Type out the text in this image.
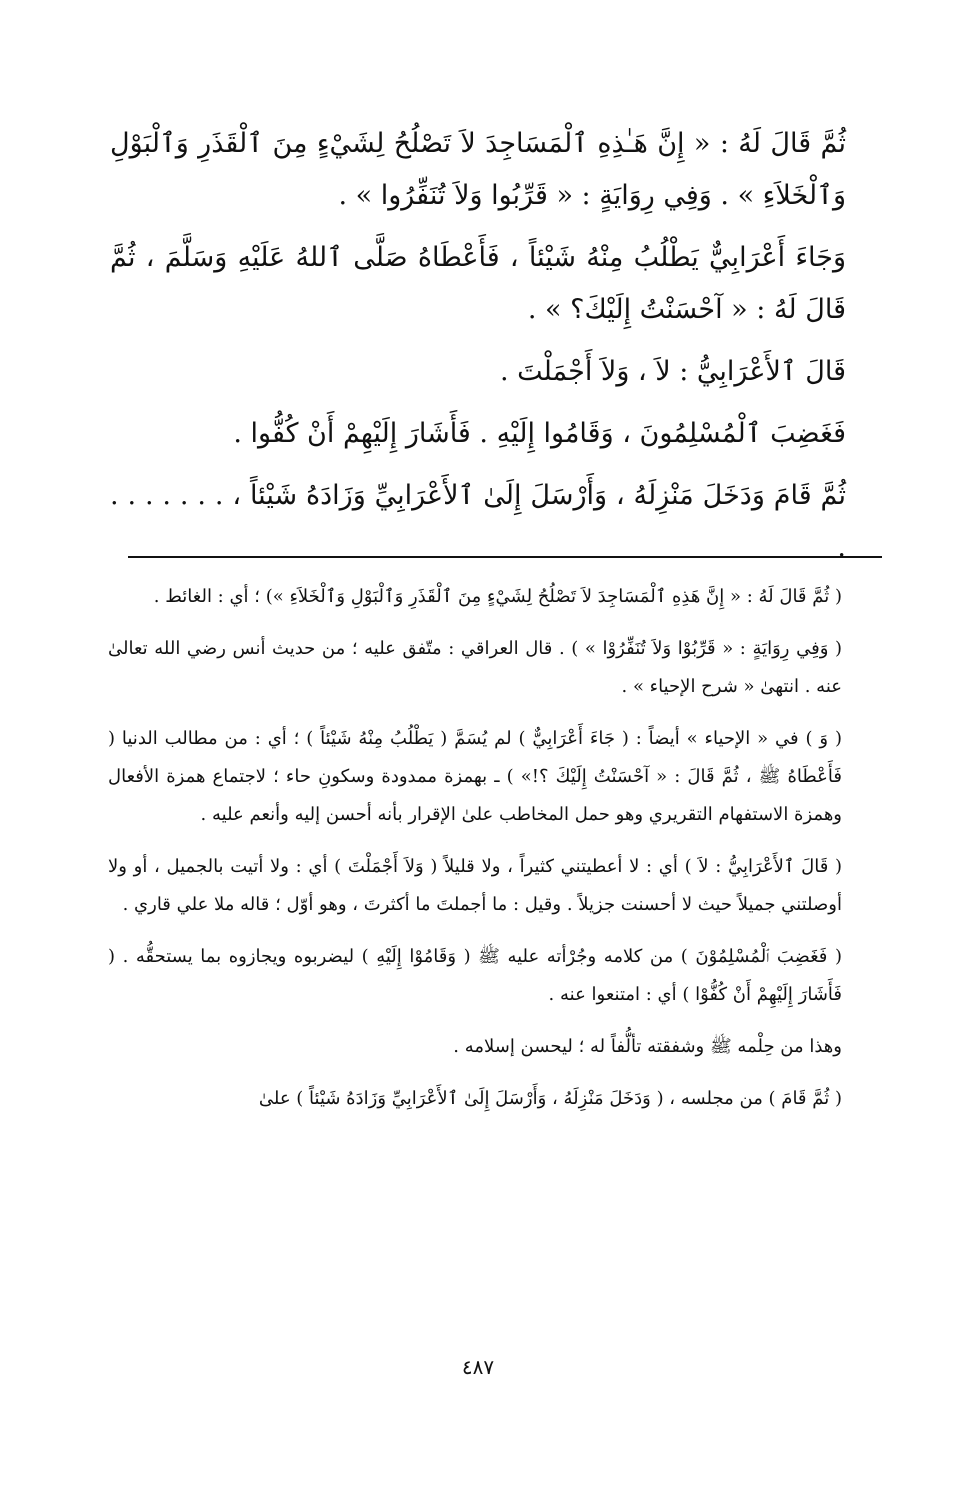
ثُمَّ قَالَ لَهُ : « إِنَّ هَـٰذِهِ ٱلْمَسَاجِدَ لاَ تَصْلُحُ لِشَيْءٍ مِنَ ٱلْقَذَرِ وَٱلْبَوْلِ وَٱلْخَلاَءِ » . وَفِي رِوَايَةٍ : « قَرِّبُوا وَلاَ تُنَفِّرُوا » .

وَجَاءَ أَعْرَابِيٌّ يَطْلُبُ مِنْهُ شَيْئاً ، فَأَعْطَاهُ صَلَّى ٱللهُ عَلَيْهِ وَسَلَّمَ ، ثُمَّ قَالَ لَهُ : « آحْسَنْتُ إِلَيْكَ؟ » .

قَالَ ٱلأَعْرَابِيُّ : لاَ ، وَلاَ أَجْمَلْتَ .

فَغَضِبَ ٱلْمُسْلِمُونَ ، وَقَامُوا إِلَيْهِ . فَأَشَارَ إِلَيْهِمْ أَنْ كُفُّوا .

ثُمَّ قَامَ وَدَخَلَ مَنْزِلَهُ ، وَأَرْسَلَ إِلَىٰ ٱلأَعْرَابِيِّ وَزَادَهُ شَيْئاً ، . . . . . . . .

( ثُمَّ قَالَ لَهُ : « إِنَّ هَذِهِ ٱلْمَسَاجِدَ لاَ تَصْلُحُ لِشَيْءٍ مِنَ ٱلْقَذَرِ وَٱلْبَوْلِ وَٱلْخَلاَءِ ») ؛ أي : الغائط .

( وَفِي رِوَايَةٍ : « قَرِّبُوْا وَلاَ تُنَفِّرُوْا » ) . قال العراقي : متّفق عليه ؛ من حديث أنس رضي الله تعالىٰ عنه . انتهىٰ « شرح الإحياء » .

( وَ ) في « الإحياء » أيضاً : ( جَاءَ أَعْرَابِيٌّ ) لم يُسَمَّ ( يَطْلُبُ مِنْهُ شَيْئاً ) ؛ أي : من مطالب الدنيا ( فَأَعْطَاهُ ﷺ ، ثُمَّ قَالَ : « آحْسَنْتُ إِلَيْكَ ؟!» ) ـ بهمزة ممدودة وسكونِ حاء ؛ لاجتماع همزة الأفعال وهمزة الاستفهام التقريري وهو حمل المخاطب علىٰ الإقرار بأنه أحسن إليه وأنعم عليه .

( قَالَ ٱلأَعْرَابِيُّ : لاَ ) أي : لا أعطيتني كثيراً ، ولا قليلاً ( وَلاَ أَجْمَلْتَ ) أي : ولا أتيت بالجميل ، أو ولا أوصلتني جميلاً حيث لا أحسنت جزيلاً . وقيل : ما أجملتَ ما أكثرتَ ، وهو أوّل ؛ قاله ملا علي قاري .

( فَغَضِبَ ٱلْمُسْلِمُوْنَ ) من كلامه وجُرْأته عليه ﷺ ( وَقَامُوْا إِلَيْهِ ) ليضربوه ويجازوه بما يستحقُّه . ( فَأَشَارَ إِلَيْهِمْ أَنْ كُفُّوْا ) أي : امتنعوا عنه .

وهذا من حِلْمه ﷺ وشفقته تألُّفاً له ؛ ليحسن إسلامه .

( ثُمَّ قَامَ ) من مجلسه ، ( وَدَخَلَ مَنْزِلَهُ ، وَأَرْسَلَ إِلَىٰ ٱلأَعْرَابِيِّ وَزَادَهُ شَيْئاً ) علىٰ

٤٨٧
